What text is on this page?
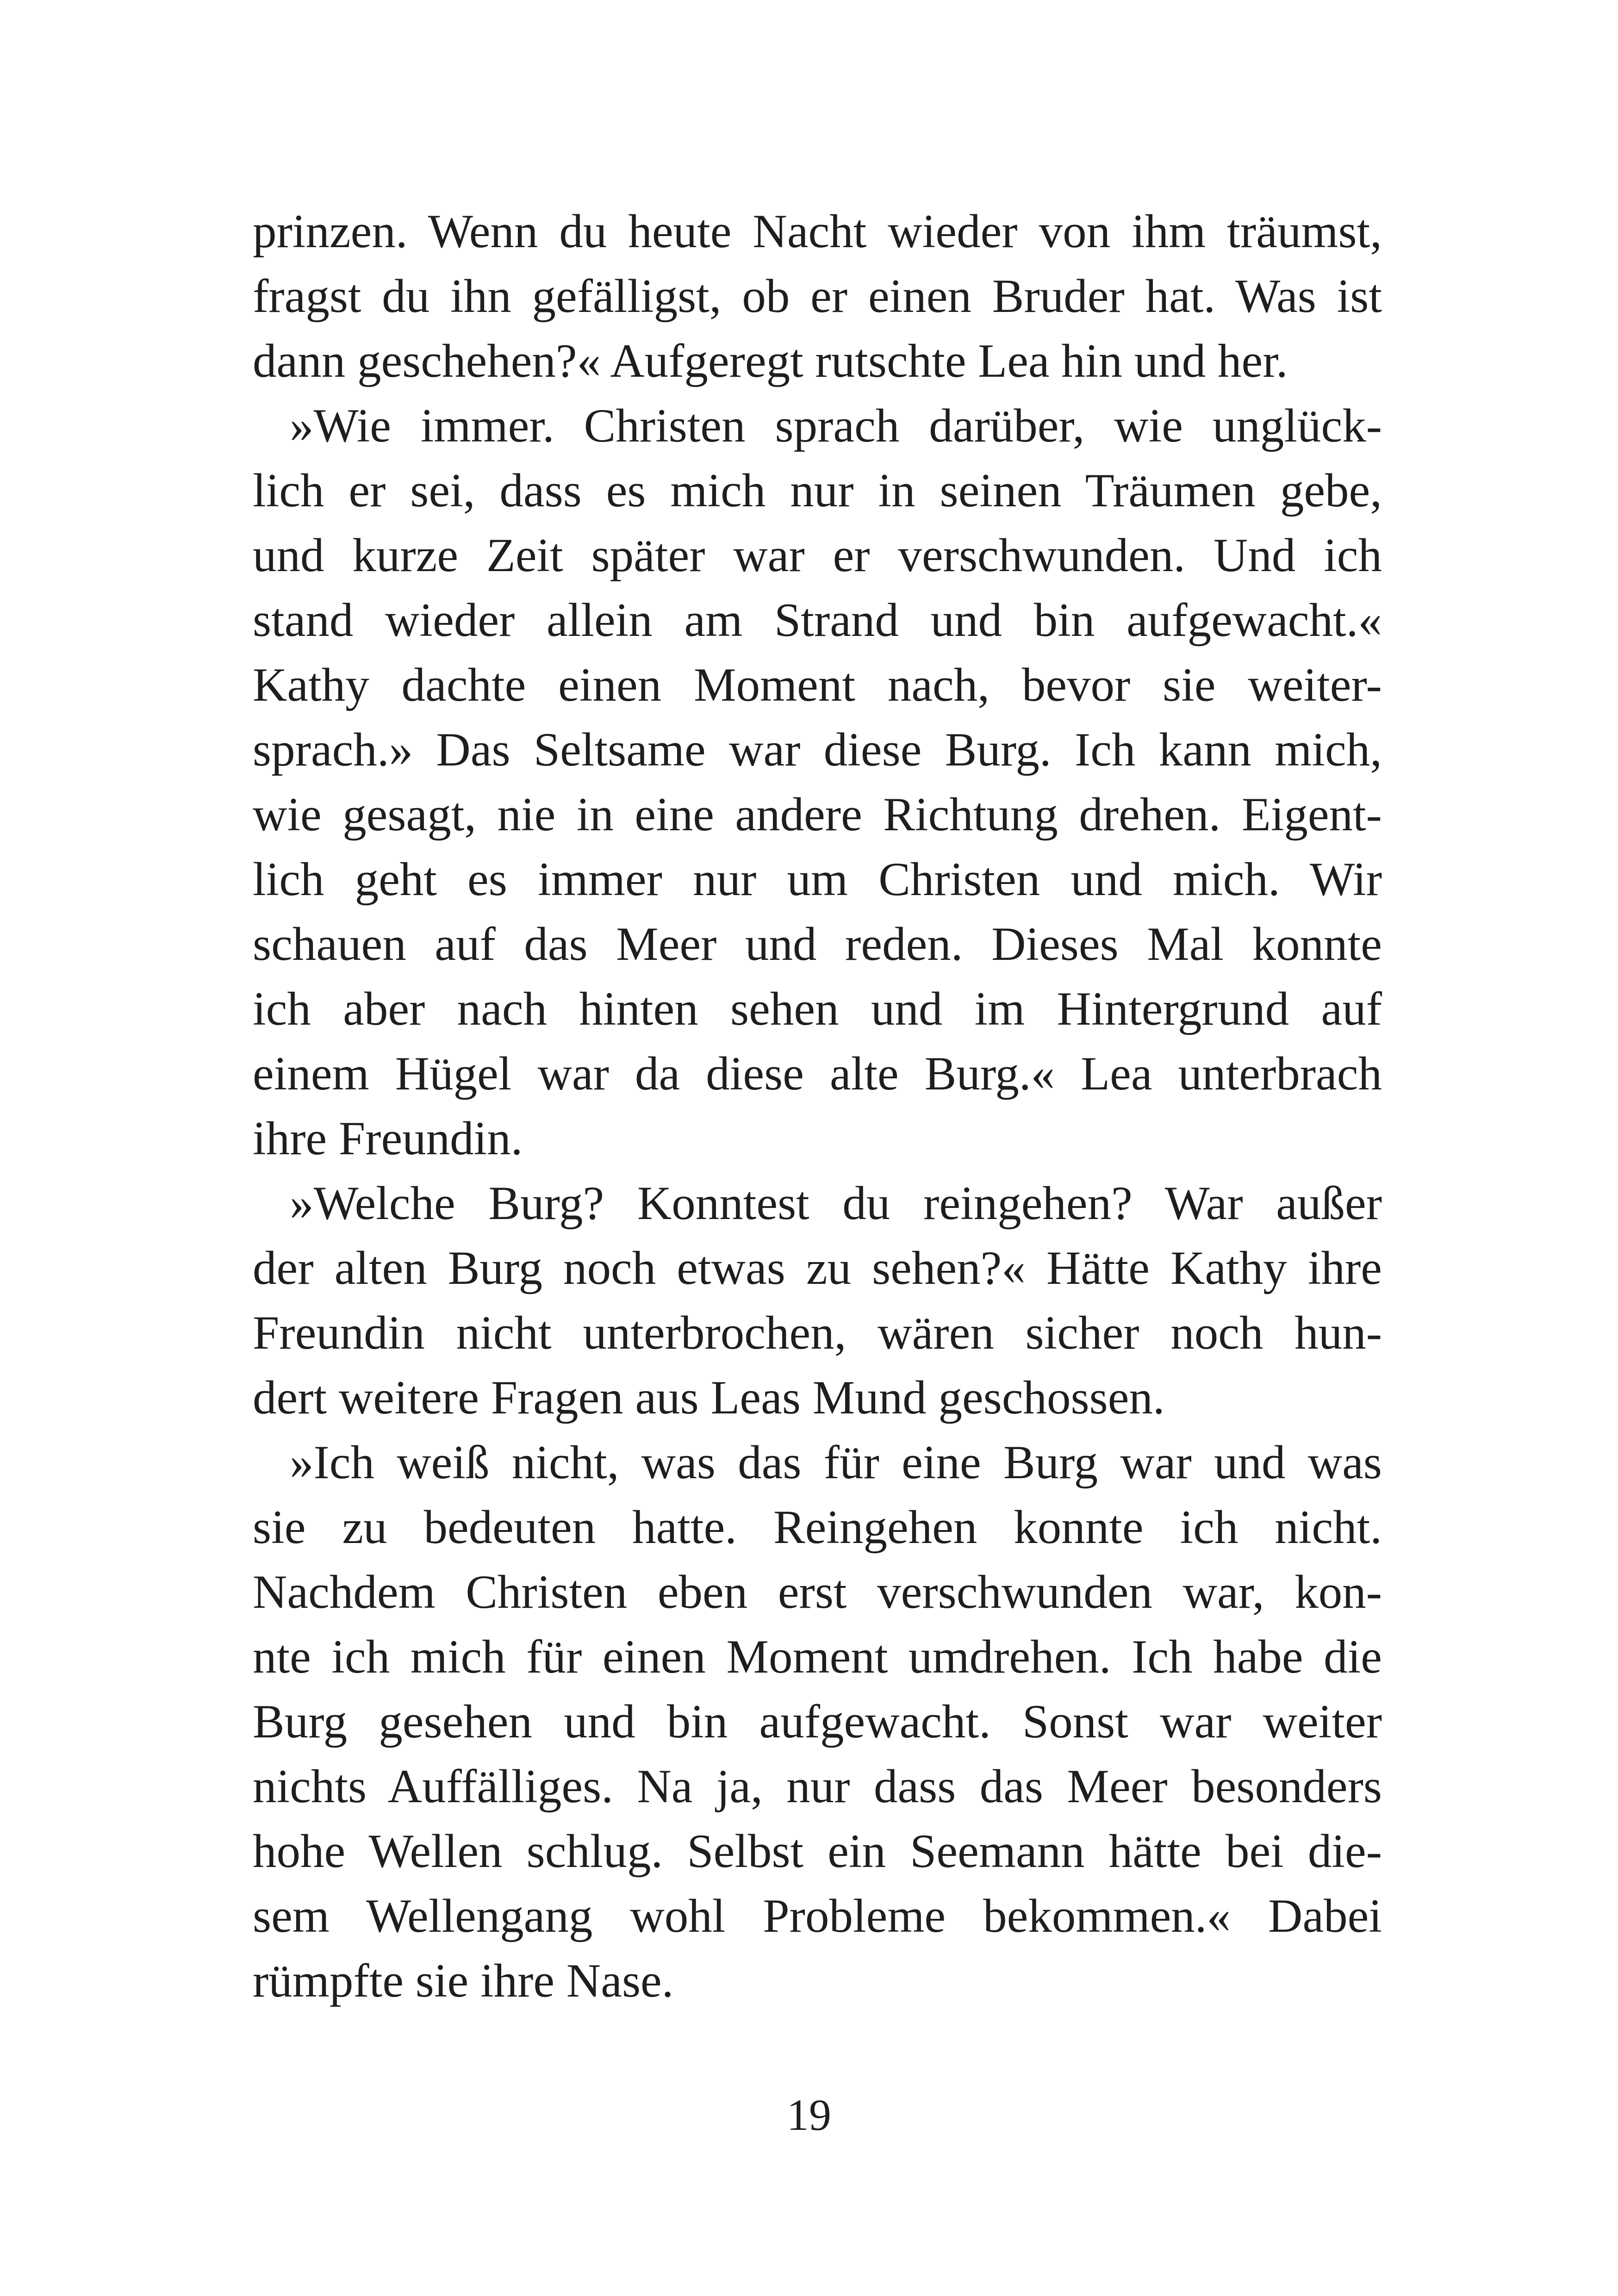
prinzen. Wenn du heute Nacht wieder von ihm träumst,
fragst du ihn gefälligst, ob er einen Bruder hat. Was ist
dann geschehen?« Aufgeregt rutschte Lea hin und her.
»Wie immer. Christen sprach darüber, wie unglück-
lich er sei, dass es mich nur in seinen Träumen gebe,
und kurze Zeit später war er verschwunden. Und ich
stand wieder allein am Strand und bin aufgewacht.«
Kathy dachte einen Moment nach, bevor sie weiter-
sprach.» Das Seltsame war diese Burg. Ich kann mich,
wie gesagt, nie in eine andere Richtung drehen. Eigent-
lich geht es immer nur um Christen und mich. Wir
schauen auf das Meer und reden. Dieses Mal konnte
ich aber nach hinten sehen und im Hintergrund auf
einem Hügel war da diese alte Burg.« Lea unterbrach
ihre Freundin.
»Welche Burg? Konntest du reingehen? War außer
der alten Burg noch etwas zu sehen?« Hätte Kathy ihre
Freundin nicht unterbrochen, wären sicher noch hun-
dert weitere Fragen aus Leas Mund geschossen.
»Ich weiß nicht, was das für eine Burg war und was
sie zu bedeuten hatte. Reingehen konnte ich nicht.
Nachdem Christen eben erst verschwunden war, kon-
nte ich mich für einen Moment umdrehen. Ich habe die
Burg gesehen und bin aufgewacht. Sonst war weiter
nichts Auffälliges. Na ja, nur dass das Meer besonders
hohe Wellen schlug. Selbst ein Seemann hätte bei die-
sem Wellengang wohl Probleme bekommen.« Dabei
rümpfte sie ihre Nase.
19
